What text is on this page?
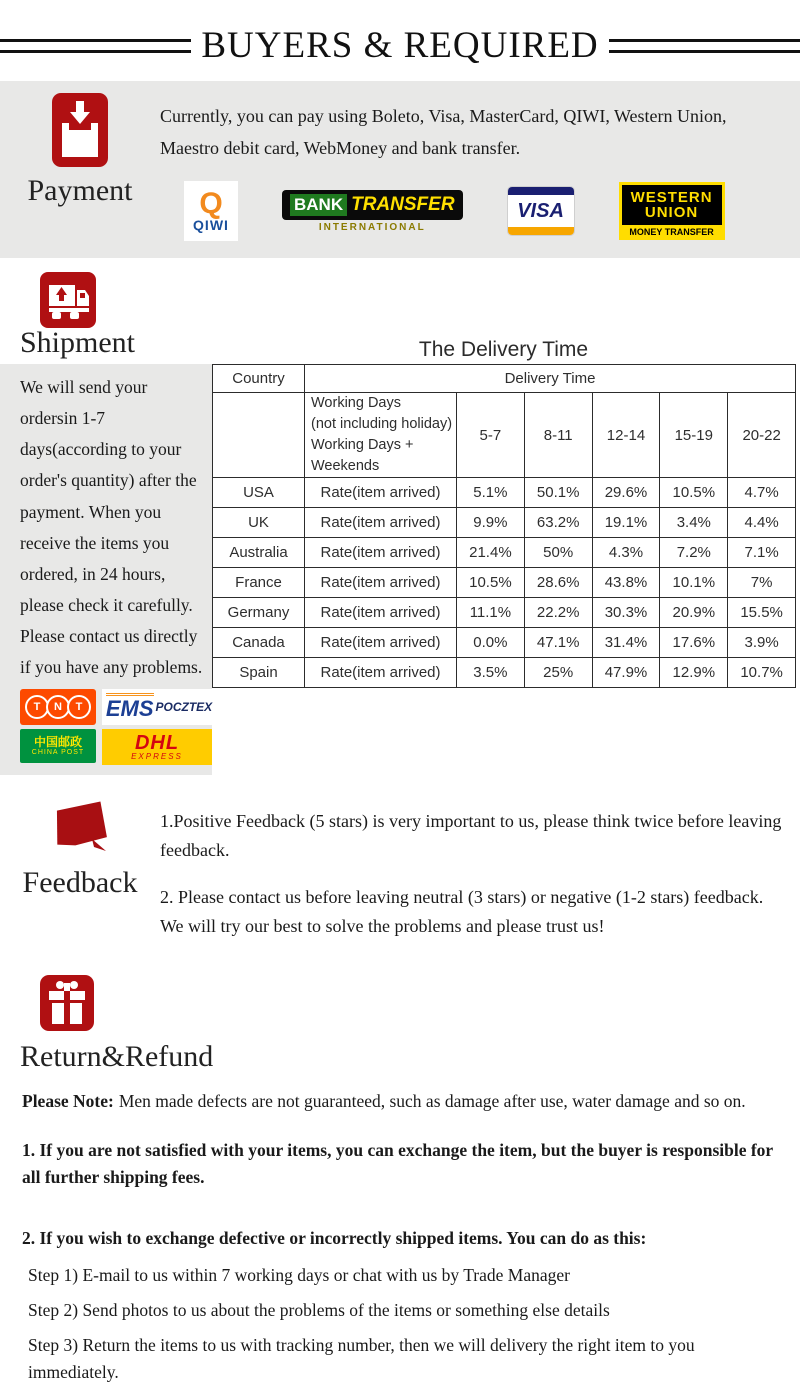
BUYERS & REQUIRED
Payment

Currently, you can pay using Boleto, Visa, MasterCard, QIWI, Western Union, Maestro debit card, WebMoney and bank transfer.

Q
QIWI
BANK TRANSFER
INTERNATIONAL
VISA
WESTERN
UNION
MONEY TRANSFER
Shipment	The Delivery Time

We will send your ordersin 1-7 days(according to your order's quantity) after the payment. When you receive the items you ordered, in 24 hours, please check it carefully. Please contact us directly if you have any problems.

T	N	T	EMS POCZTEX
中国邮政
CHINA POST	DHL
EXPRESS
Country	Delivery Time					

	Working Days
(not including holiday)
Working Days + Weekends	5-7	8-11	12-14	15-19	20-22
USA	Rate(item arrived)	5.1%	50.1%	29.6%	10.5%	4.7%
UK	Rate(item arrived)	9.9%	63.2%	19.1%	3.4%	4.4%
Australia	Rate(item arrived)	21.4%	50%	4.3%	7.2%	7.1%
France	Rate(item arrived)	10.5%	28.6%	43.8%	10.1%	7%
Germany	Rate(item arrived)	11.1%	22.2%	30.3%	20.9%	15.5%
Canada	Rate(item arrived)	0.0%	47.1%	31.4%	17.6%	3.9%
Spain	Rate(item arrived)	3.5%	25%	47.9%	12.9%	10.7%
Feedback

1.Positive Feedback (5 stars) is very important to us, please think twice before leaving feedback.

2. Please contact us before leaving neutral (3 stars) or negative (1-2 stars) feedback. We will try our best to solve the problems and please trust us!

Return&Refund

Please Note: Men made defects are not guaranteed, such as damage after use, water damage and so on.

1. If you are not satisfied with your items, you can exchange the item, but the buyer is responsible for all further shipping fees.

2. If you wish to exchange defective or incorrectly shipped items. You can do as this:

Step 1) E-mail to us within 7 working days or chat with us by Trade Manager

Step 2) Send photos to us about the problems of the items or something else details

Step 3) Return the items to us with tracking number, then we will delivery the right item to you immediately.
